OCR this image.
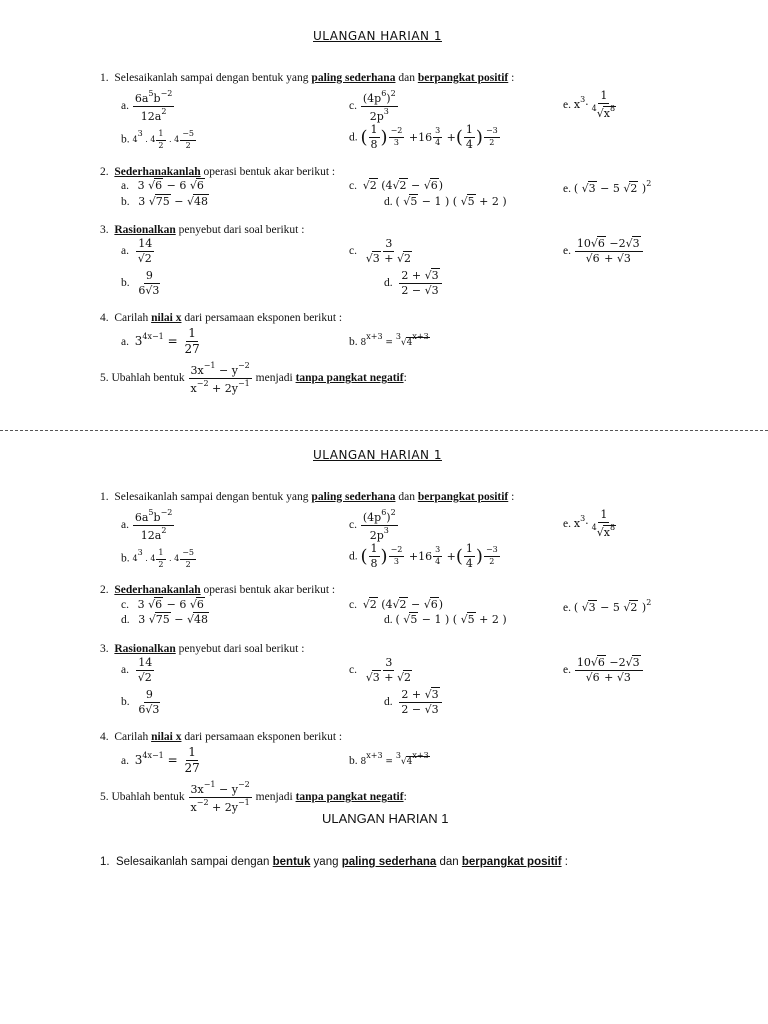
ULANGAN HARIAN 1
1. Selesaikanlah sampai dengan bentuk yang paling sederhana dan berpangkat positif :
a. $\frac{6a^5b^{-2}}{12a^2}$	c. $\frac{(4p^6)^2}{2p^3}$	e. $x^3\cdot \frac{1}{^4√x^8}$
b. 43 . $4 \frac{1}{2}$ . $4 \frac{-5}{2}$	d. ( $\frac{1}{8}$ ) $\frac{-2}{3} +16 \frac{3}{4}$ +( $\frac{1}{4}$ ) $\frac{-3}{2}$
2. Sederhanakanlah operasi bentuk akar berikut :
a. 3 √6 − 6 √6	c. √2 (4√2 − √6)	e. ( √3 − 5 √2 )$^2$
b. 3 √75 − √48	d. ( √5 − 1 ) ( √5 + 2 )
3. Rasionalkan penyebut dari soal berikut :
a. $\frac{14}{√2}$	c. $\frac{3}{√3 + √2}$	e. $\frac{10√6 -2√3}{√6 + √3}$
b. $\frac{9}{6√3}$	d. $\frac{2 + √3}{2 - √3}$
4. Carilah nilai x dari persamaan eksponen berikut :
a. $3^{4x-1} = \frac{1}{27}$	b. 8x+3 = 3√4x+3
5. Ubahlah bentuk $\frac{3x^{-1} - y^{-2}}{x^{-2} + 2y^{-1}}$ menjadi tanpa pangkat negatif:
ULANGAN HARIAN 1
1. Selesaikanlah sampai dengan bentuk yang paling sederhana dan berpangkat positif :
a. $\frac{6a^5b^{-2}}{12a^2}$	c. $\frac{(4p^6)^2}{2p^3}$	e. $x^3\cdot \frac{1}{^4√x^8}$
b. 43 . $4 \frac{1}{2}$ . $4 \frac{-5}{2}$	d. ( $\frac{1}{8}$ ) $\frac{-2}{3} +16 \frac{3}{4}$ +( $\frac{1}{4}$ ) $\frac{-3}{2}$
2. Sederhanakanlah operasi bentuk akar berikut :
c. 3 √6 − 6 √6	c. √2 (4√2 − √6)	e. ( √3 − 5 √2 )$^2$
d. 3 √75 − √48	d. ( √5 − 1 ) ( √5 + 2 )
3. Rasionalkan penyebut dari soal berikut :
a. $\frac{14}{√2}$	c. $\frac{3}{√3 + √2}$	e. $\frac{10√6 -2√3}{√6 + √3}$
b. $\frac{9}{6√3}$	d. $\frac{2 + √3}{2 - √3}$
4. Carilah nilai x dari persamaan eksponen berikut :
a. $3^{4x-1} = \frac{1}{27}$	b. 8x+3 = 3√4x+3
5. Ubahlah bentuk $\frac{3x^{-1} - y^{-2}}{x^{-2} + 2y^{-1}}$ menjadi tanpa pangkat negatif:
ULANGAN HARIAN 1
1. Selesaikanlah sampai dengan bentuk yang paling sederhana dan berpangkat positif :
